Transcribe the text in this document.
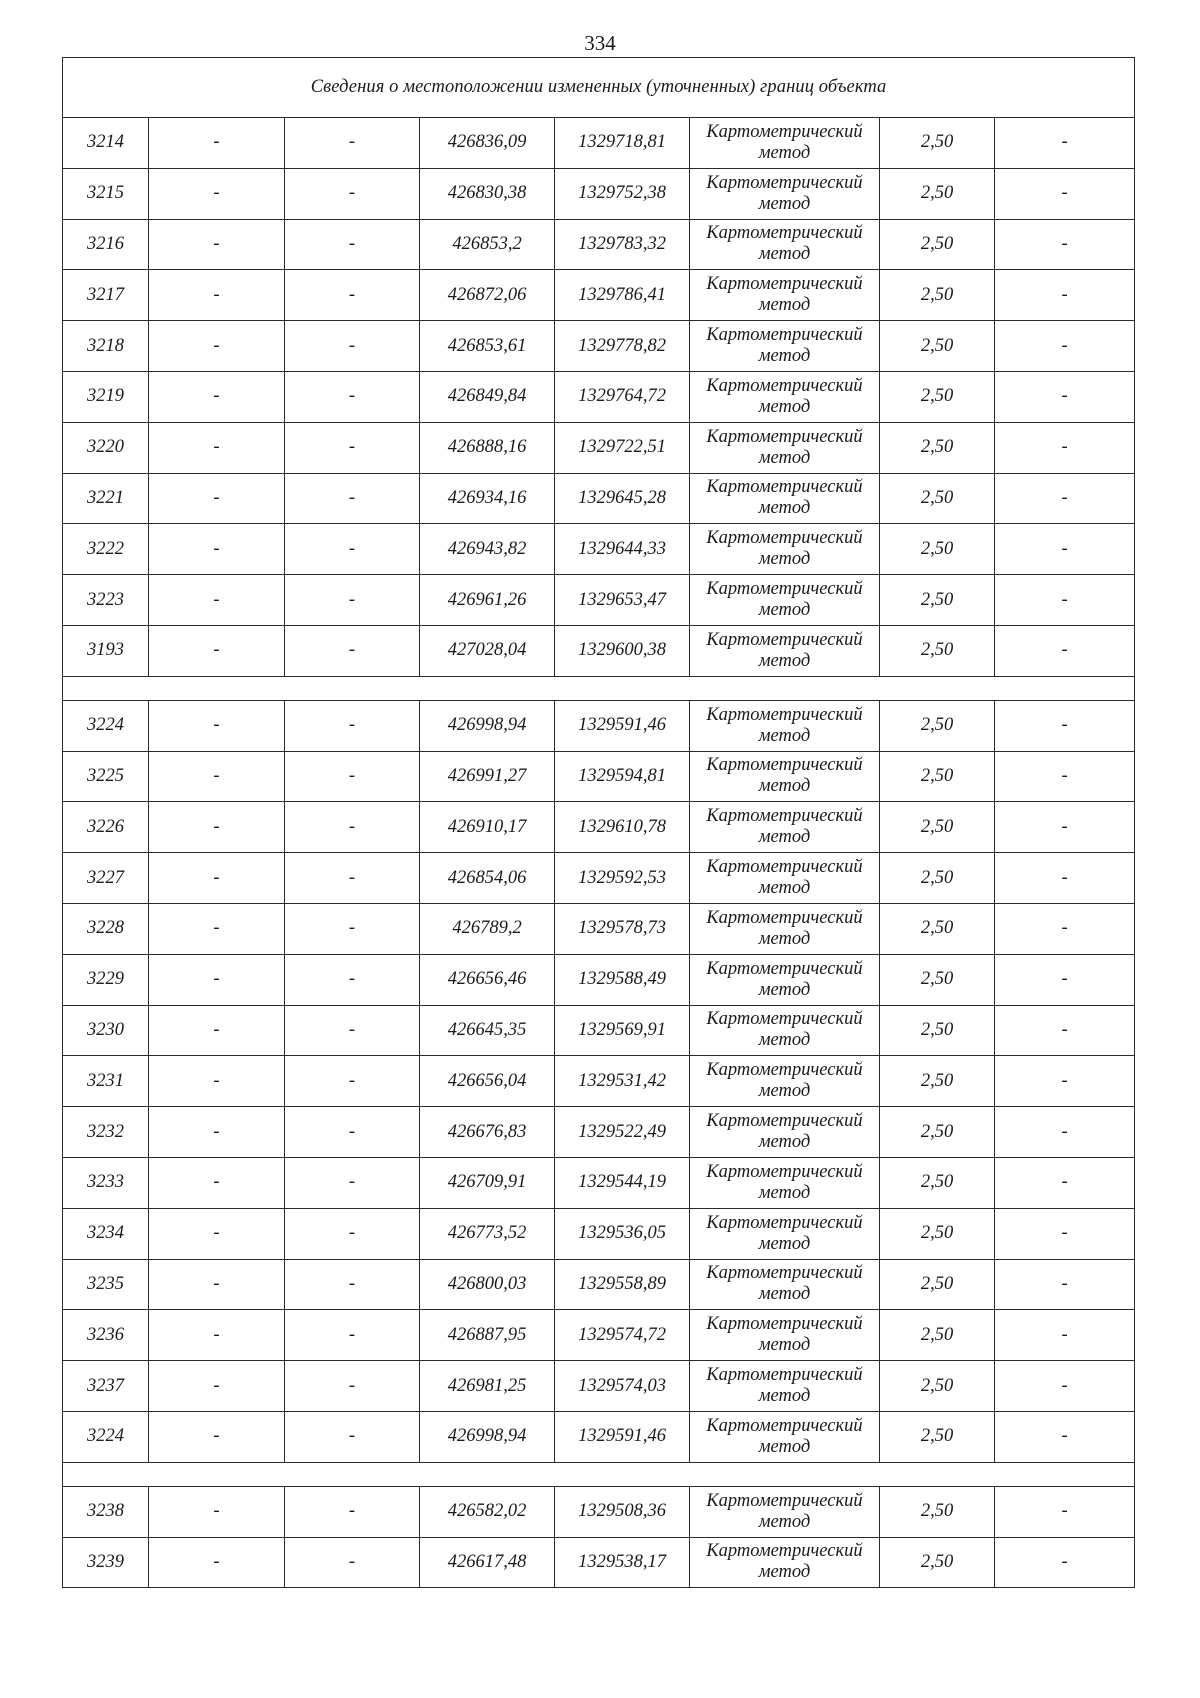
334
Сведения о местоположении измененных (уточненных) границ объекта							
3214	-	-	426836,09	1329718,81	Картометрический метод	2,50	-
3215	-	-	426830,38	1329752,38	Картометрический метод	2,50	-
3216	-	-	426853,2	1329783,32	Картометрический метод	2,50	-
3217	-	-	426872,06	1329786,41	Картометрический метод	2,50	-
3218	-	-	426853,61	1329778,82	Картометрический метод	2,50	-
3219	-	-	426849,84	1329764,72	Картометрический метод	2,50	-
3220	-	-	426888,16	1329722,51	Картометрический метод	2,50	-
3221	-	-	426934,16	1329645,28	Картометрический метод	2,50	-
3222	-	-	426943,82	1329644,33	Картометрический метод	2,50	-
3223	-	-	426961,26	1329653,47	Картометрический метод	2,50	-
3193	-	-	427028,04	1329600,38	Картометрический метод	2,50	-

3224	-	-	426998,94	1329591,46	Картометрический метод	2,50	-
3225	-	-	426991,27	1329594,81	Картометрический метод	2,50	-
3226	-	-	426910,17	1329610,78	Картометрический метод	2,50	-
3227	-	-	426854,06	1329592,53	Картометрический метод	2,50	-
3228	-	-	426789,2	1329578,73	Картометрический метод	2,50	-
3229	-	-	426656,46	1329588,49	Картометрический метод	2,50	-
3230	-	-	426645,35	1329569,91	Картометрический метод	2,50	-
3231	-	-	426656,04	1329531,42	Картометрический метод	2,50	-
3232	-	-	426676,83	1329522,49	Картометрический метод	2,50	-
3233	-	-	426709,91	1329544,19	Картометрический метод	2,50	-
3234	-	-	426773,52	1329536,05	Картометрический метод	2,50	-
3235	-	-	426800,03	1329558,89	Картометрический метод	2,50	-
3236	-	-	426887,95	1329574,72	Картометрический метод	2,50	-
3237	-	-	426981,25	1329574,03	Картометрический метод	2,50	-
3224	-	-	426998,94	1329591,46	Картометрический метод	2,50	-

3238	-	-	426582,02	1329508,36	Картометрический метод	2,50	-
3239	-	-	426617,48	1329538,17	Картометрический метод	2,50	-
